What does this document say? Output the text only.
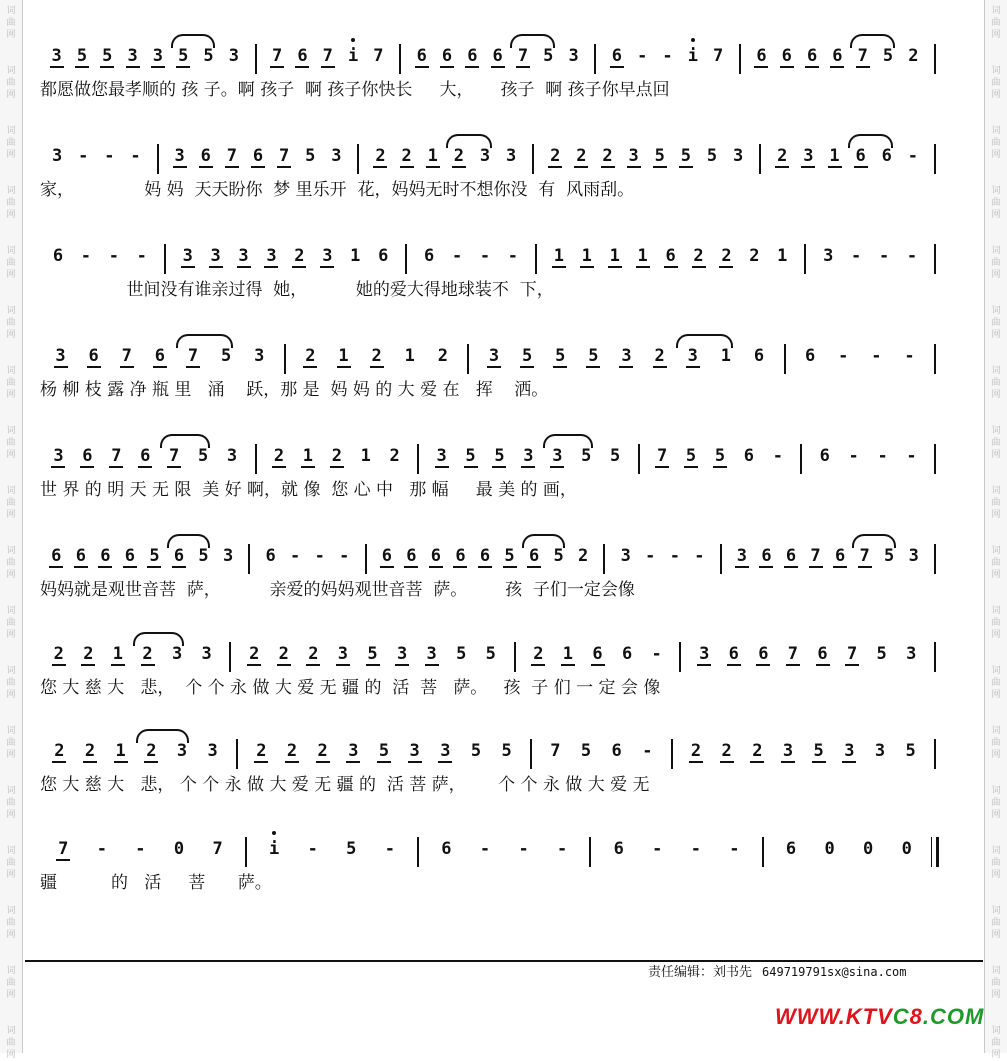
词
曲
网
词
曲
网
词
曲
网
词
曲
网
词
曲
网
词
曲
网
词
曲
网
词
曲
网
词
曲
网
词
曲
网
词
曲
网
词
曲
网
词
曲
网
词
曲
网
词
曲
网
词
曲
网
词
曲
网
词
曲
网
词
曲
网
词
曲
网
词
曲
网
词
曲
网
词
曲
网
词
曲
网
词
曲
网
词
曲
网
词
曲
网
词
曲
网
词
曲
网
词
曲
网
词
曲
网
词
曲
网
词
曲
网
词
曲
网
词
曲
网
词
曲
网
3 5 5 3 3 5 5 3 7 6 7 i 7 6 6 6 6 7 5 3 6 - - i 7 6 6 6 6 7 5 2
都愿做您最孝顺的 孩 子。啊 孩子  啊 孩子你快长     大，     孩子  啊 孩子你早点回
3 - - - 3 6 7 6 7 5 3 2 2 1 2 3 3 2 2 2 3 5 5 5 3 2 3 1 6 6 -
家，             妈 妈  天天盼你  梦 里乐开  花，妈妈无时不想你没  有  风雨刮。
6 - - - 3 3 3 3 2 3 1 6 6 - - - 1 1 1 1 6 2 2 2 1 3 - - -
世间没有谁亲过得  她，         她的爱大得地球装不  下，
3 6 7 6 7 5 3 2 1 2 1 2 3 5 5 5 3 2 3 1 6 6 - - -
杨 柳 枝 露 净 瓶 里   涌    跃，那 是  妈 妈 的 大 爱 在   挥    洒。
3 6 7 6 7 5 3 2 1 2 1 2 3 5 5 3 3 5 5 7 5 5 6 - 6 - - -
世 界 的 明 天 无 限  美 好 啊，就 像  您 心 中   那 幅     最 美 的 画，
6 6 6 6 5 6 5 3 6 - - - 6 6 6 6 6 5 6 5 2 3 - - - 3 6 6 7 6 7 5 3
妈妈就是观世音菩  萨，         亲爱的妈妈观世音菩  萨。       孩  子们一定会像
2 2 1 2 3 3 2 2 2 3 5 3 3 5 5 2 1 6 6 - 3 6 6 7 6 7 5 3
您 大 慈 大   悲，  个 个 永 做 大 爱 无 疆 的  活  菩   萨。   孩  子 们 一 定 会 像
2 2 1 2 3 3 2 2 2 3 5 3 3 5 5 7 5 6 - 2 2 2 3 5 3 3 5
您 大 慈 大   悲， 个 个 永 做 大 爱 无 疆 的  活 菩 萨，      个 个 永 做 大 爱 无
7 - - 0 7	i - 5 -	6 - - -	6 - - -	6 0 0 0
疆          的   活     菩      萨。
责任编辑：刘书先 649719791sx@sina.com
WWW.KTVC8.COM
